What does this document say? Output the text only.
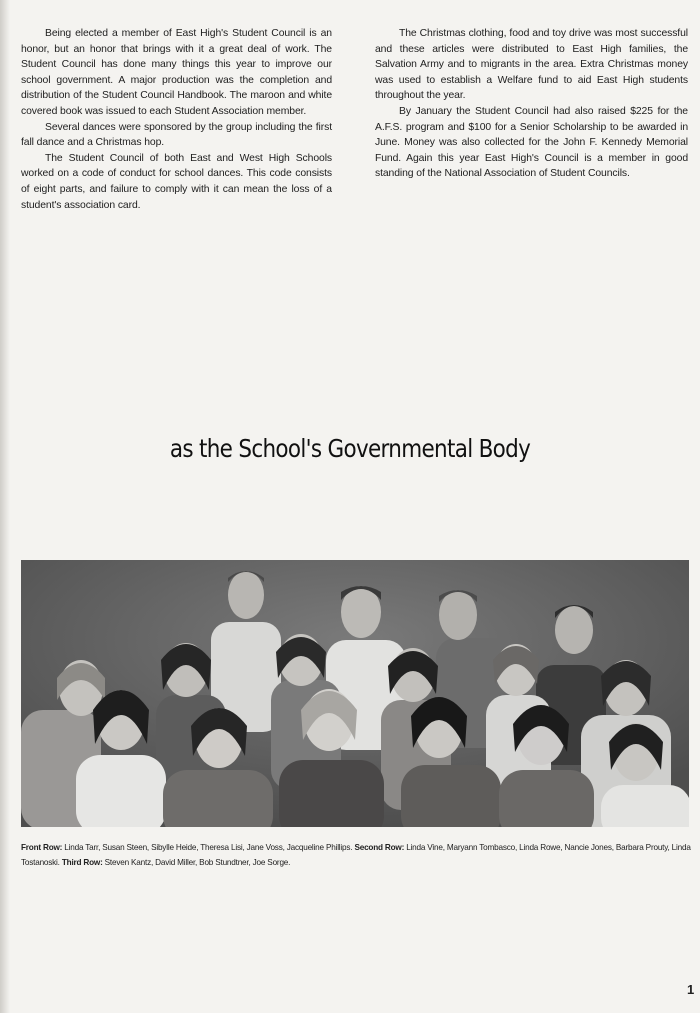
Being elected a member of East High's Student Council is an honor, but an honor that brings with it a great deal of work. The Student Council has done many things this year to improve our school government. A major production was the completion and distribution of the Student Council Handbook. The maroon and white covered book was issued to each Student Association member.

Several dances were sponsored by the group including the first fall dance and a Christmas hop.

The Student Council of both East and West High Schools worked on a code of conduct for school dances. This code consists of eight parts, and failure to comply with it can mean the loss of a student's association card.

The Christmas clothing, food and toy drive was most successful and these articles were distributed to East High families, the Salvation Army and to migrants in the area. Extra Christmas money was used to establish a Welfare fund to aid East High students throughout the year.

By January the Student Council had also raised $225 for the A.F.S. program and $100 for a Senior Scholarship to be awarded in June. Money was also collected for the John F. Kennedy Memorial Fund. Again this year East High's Council is a member in good standing of the National Association of Student Councils.

as the School's Governmental Body
Front Row: Linda Tarr, Susan Steen, Sibylle Heide, Theresa Lisi, Jane Voss, Jacqueline Phillips. Second Row: Linda Vine, Maryann Tombasco, Linda Rowe, Nancie Jones, Barbara Prouty, Linda Tostanoski. Third Row: Steven Kantz, David Miller, Bob Stundtner, Joe Sorge.
1
